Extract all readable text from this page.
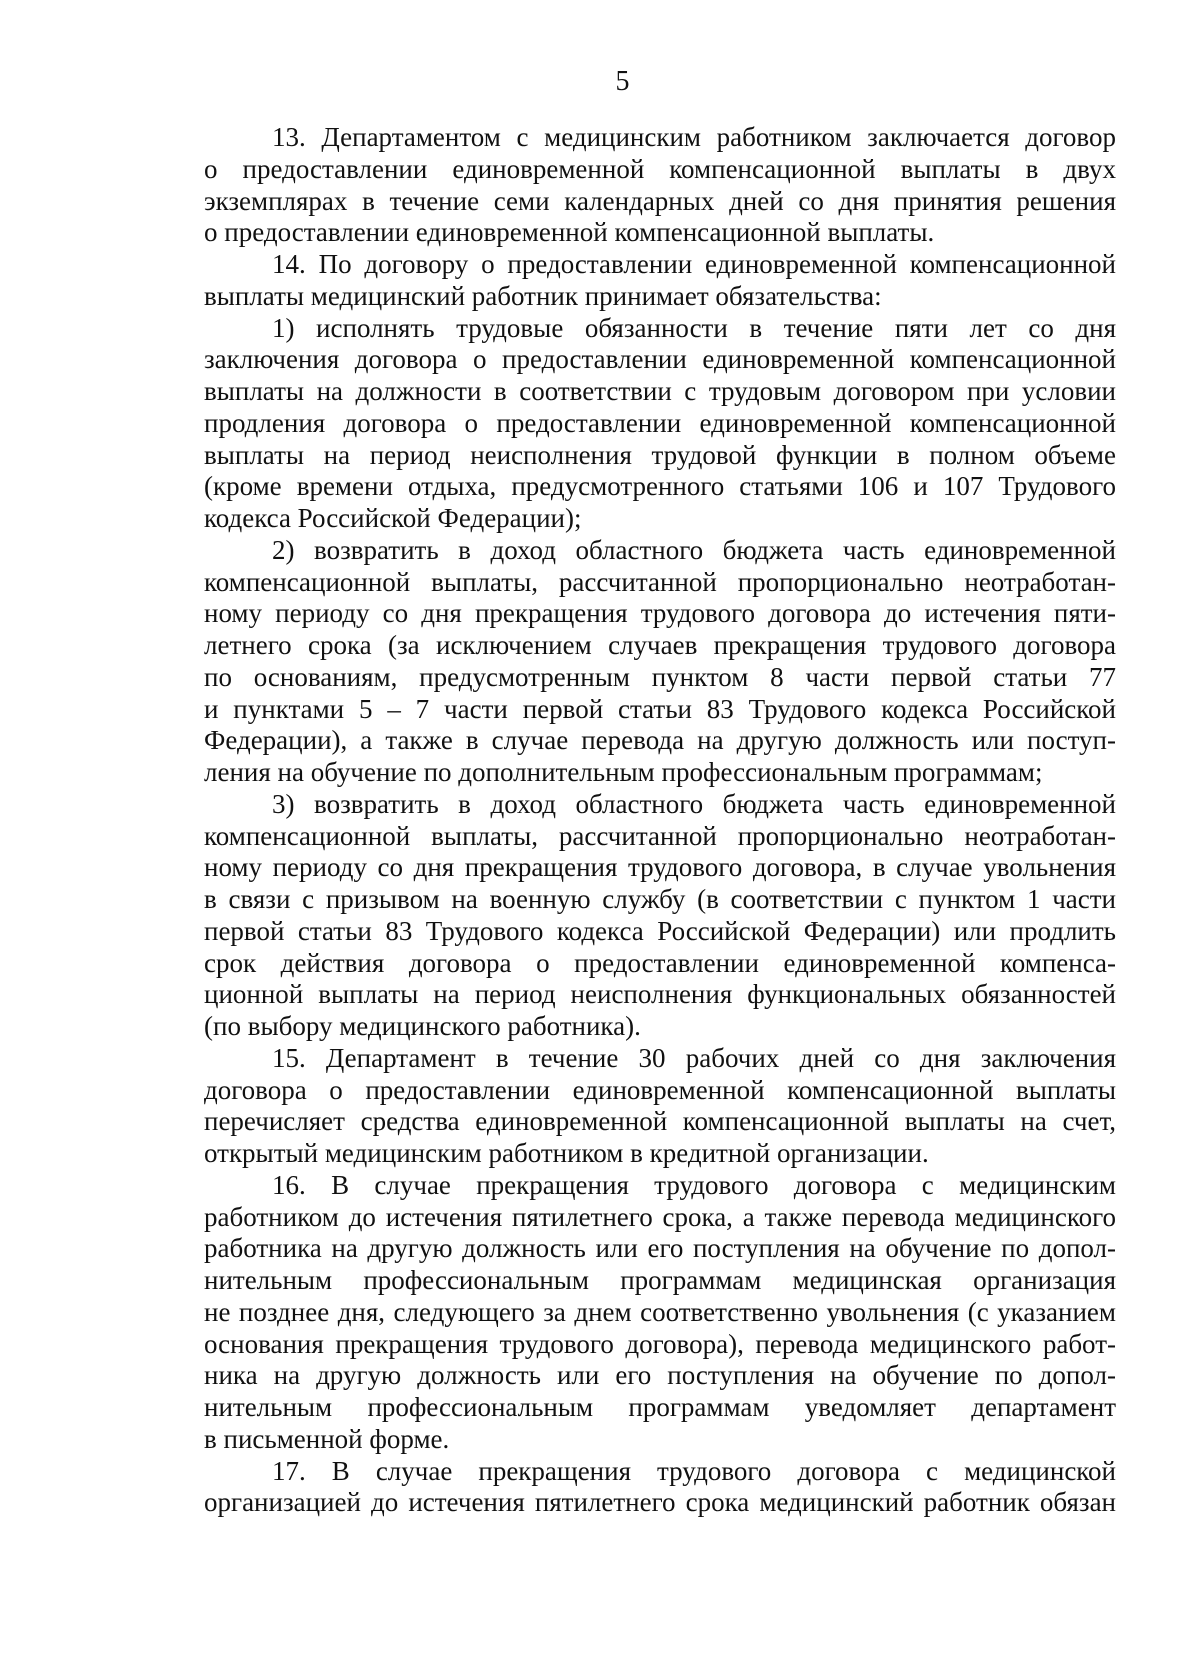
5
13. Департаментом с медицинским работником заключается договор
о предоставлении единовременной компенсационной выплаты в двух
экземплярах в течение семи календарных дней со дня принятия решения
о предоставлении единовременной компенсационной выплаты.
14. По договору о предоставлении единовременной компенсационной
выплаты медицинский работник принимает обязательства:
1) исполнять трудовые обязанности в течение пяти лет со дня
заключения договора о предоставлении единовременной компенсационной
выплаты на должности в соответствии с трудовым договором при условии
продления договора о предоставлении единовременной компенсационной
выплаты на период неисполнения трудовой функции в полном объеме
(кроме времени отдыха, предусмотренного статьями 106 и 107 Трудового
кодекса Российской Федерации);
2) возвратить в доход областного бюджета часть единовременной
компенсационной выплаты, рассчитанной пропорционально неотработан-
ному периоду со дня прекращения трудового договора до истечения пяти-
летнего срока (за исключением случаев прекращения трудового договора
по основаниям, предусмотренным пунктом 8 части первой статьи 77
и пунктами 5 – 7 части первой статьи 83 Трудового кодекса Российской
Федерации), а также в случае перевода на другую должность или поступ-
ления на обучение по дополнительным профессиональным программам;
3) возвратить в доход областного бюджета часть единовременной
компенсационной выплаты, рассчитанной пропорционально неотработан-
ному периоду со дня прекращения трудового договора, в случае увольнения
в связи с призывом на военную службу (в соответствии с пунктом 1 части
первой статьи 83 Трудового кодекса Российской Федерации) или продлить
срок действия договора о предоставлении единовременной компенса-
ционной выплаты на период неисполнения функциональных обязанностей
(по выбору медицинского работника).
15. Департамент в течение 30 рабочих дней со дня заключения
договора о предоставлении единовременной компенсационной выплаты
перечисляет средства единовременной компенсационной выплаты на счет,
открытый медицинским работником в кредитной организации.
16. В случае прекращения трудового договора с медицинским
работником до истечения пятилетнего срока, а также перевода медицинского
работника на другую должность или его поступления на обучение по допол-
нительным профессиональным программам медицинская организация
не позднее дня, следующего за днем соответственно увольнения (с указанием
основания прекращения трудового договора), перевода медицинского работ-
ника на другую должность или его поступления на обучение по допол-
нительным профессиональным программам уведомляет департамент
в письменной форме.
17. В случае прекращения трудового договора с медицинской
организацией до истечения пятилетнего срока медицинский работник обязан
